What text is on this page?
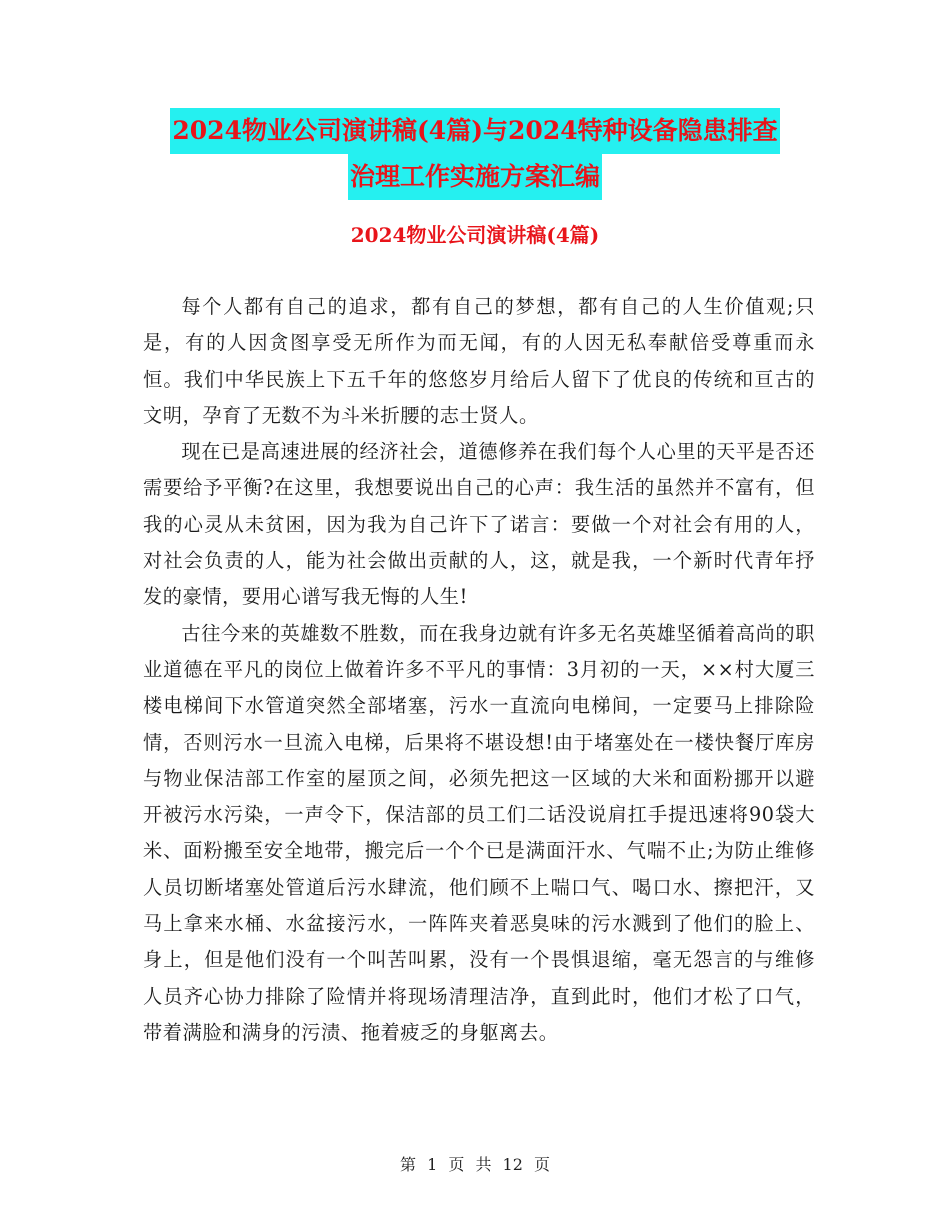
2024物业公司演讲稿(4篇)与2024特种设备隐患排查
治理工作实施方案汇编
2024物业公司演讲稿(4篇)

每个人都有自己的追求，都有自己的梦想，都有自己的人生价值观;只是，有的人因贪图享受无所作为而无闻，有的人因无私奉献倍受尊重而永恒。我们中华民族上下五千年的悠悠岁月给后人留下了优良的传统和亘古的文明，孕育了无数不为斗米折腰的志士贤人。

现在已是高速进展的经济社会，道德修养在我们每个人心里的天平是否还需要给予平衡?在这里，我想要说出自己的心声：我生活的虽然并不富有，但我的心灵从未贫困，因为我为自己许下了诺言：要做一个对社会有用的人，对社会负责的人，能为社会做出贡献的人，这，就是我，一个新时代青年抒发的豪情，要用心谱写我无悔的人生!

古往今来的英雄数不胜数，而在我身边就有许多无名英雄坚循着高尚的职业道德在平凡的岗位上做着许多不平凡的事情：3月初的一天，××村大厦三楼电梯间下水管道突然全部堵塞，污水一直流向电梯间，一定要马上排除险情，否则污水一旦流入电梯，后果将不堪设想!由于堵塞处在一楼快餐厅库房与物业保洁部工作室的屋顶之间，必须先把这一区域的大米和面粉挪开以避开被污水污染，一声令下，保洁部的员工们二话没说肩扛手提迅速将90袋大米、面粉搬至安全地带，搬完后一个个已是满面汗水、气喘不止;为防止维修人员切断堵塞处管道后污水肆流，他们顾不上喘口气、喝口水、擦把汗，又马上拿来水桶、水盆接污水，一阵阵夹着恶臭味的污水溅到了他们的脸上、身上，但是他们没有一个叫苦叫累，没有一个畏惧退缩，毫无怨言的与维修人员齐心协力排除了险情并将现场清理洁净，直到此时，他们才松了口气，带着满脸和满身的污渍、拖着疲乏的身躯离去。

第 1 页 共 12 页
